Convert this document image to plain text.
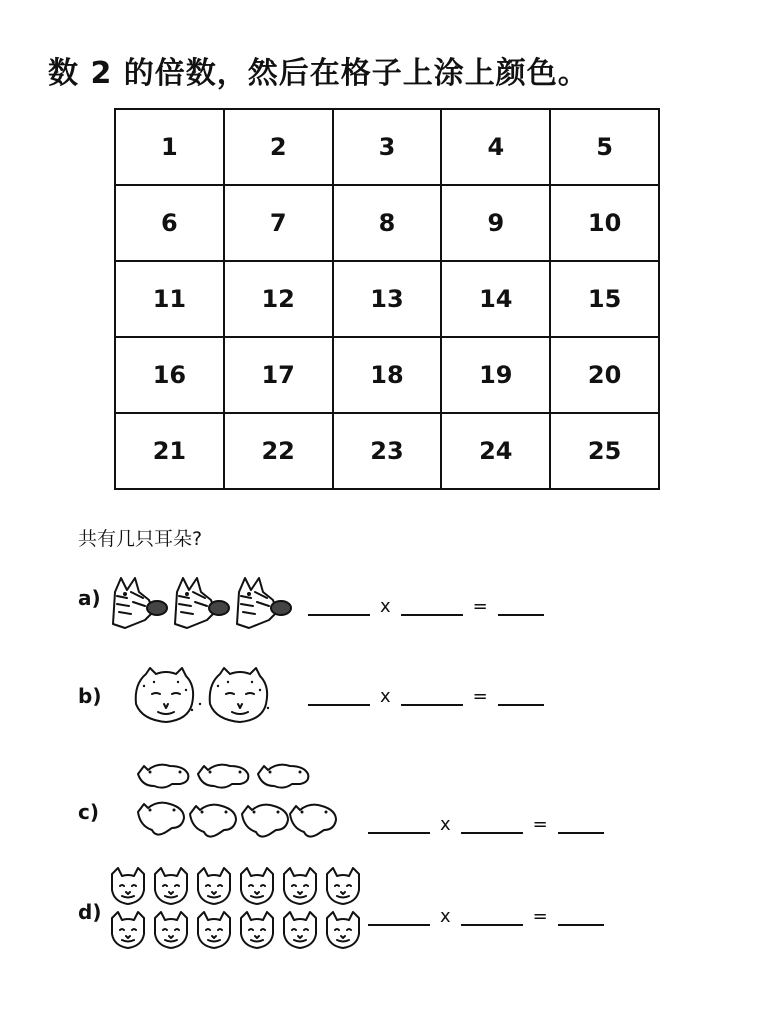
数 2 的倍数，然后在格子上涂上颜色。
1	2	3	4	5
6	7	8	9	10
11	12	13	14	15
16	17	18	19	20
21	22	23	24	25
共有几只耳朵?
a)	x	=
b)	x	=
c)
x	=
d)	x	=
